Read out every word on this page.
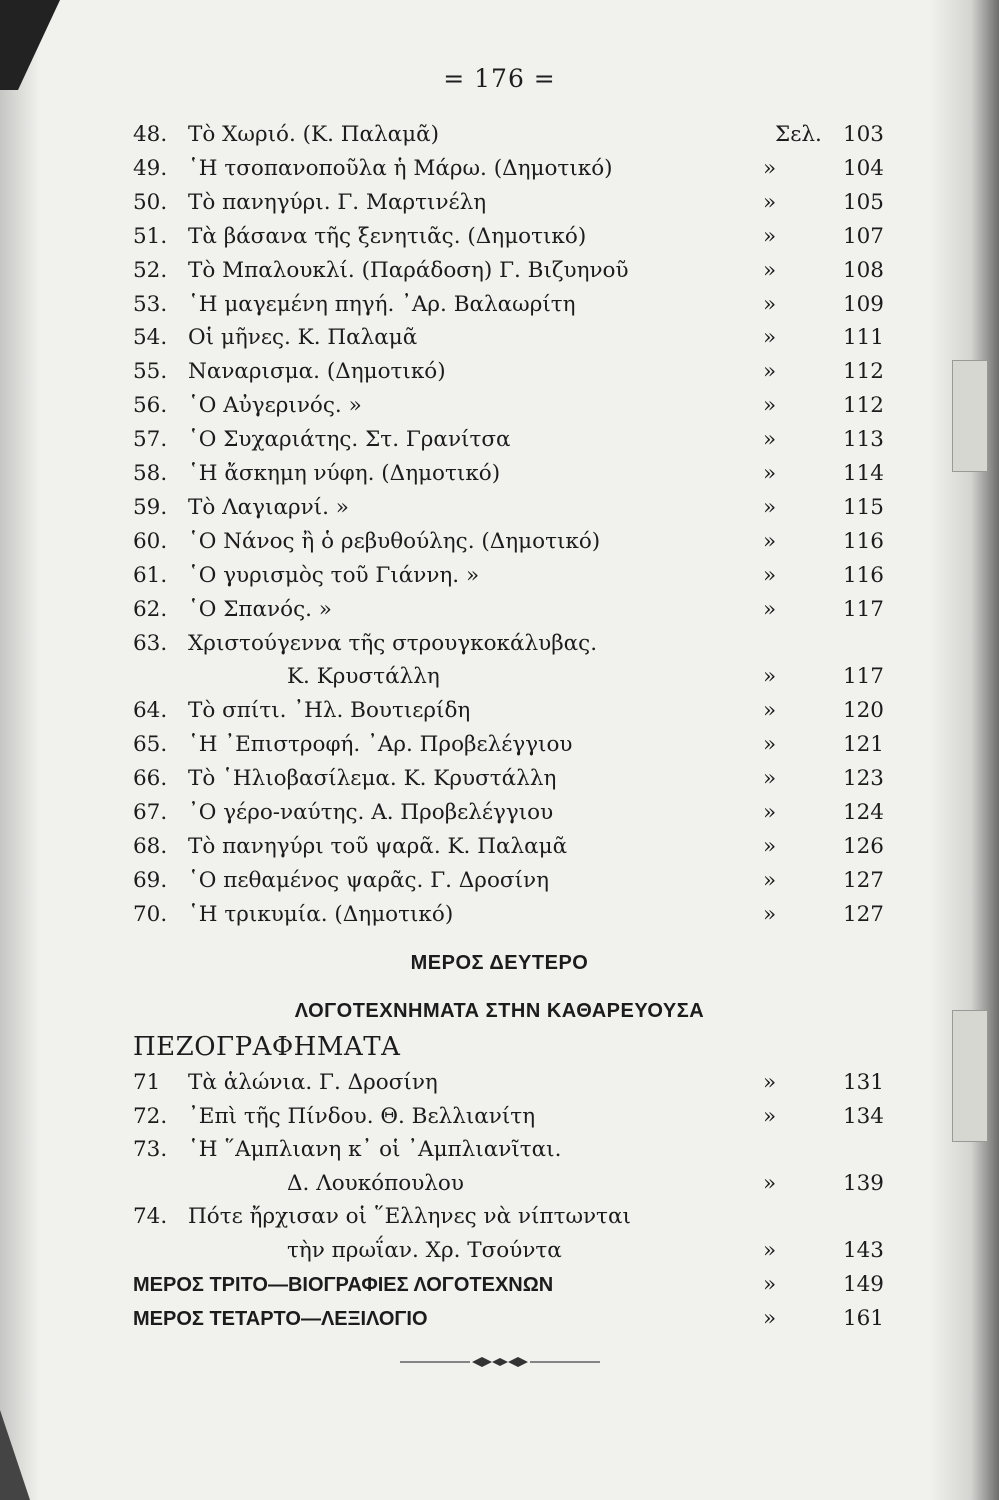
= 176 =
48. Τὸ Χωριό. (Κ. Παλαμᾶ)	Σελ. 103
49. ῾Η τσοπανοποῦλα ἡ Μάρω. (Δημοτικό)	»	104
50. Τὸ πανηγύρι. Γ. Μαρτινέλη	»	105
51. Τὰ βάσανα τῆς ξενητιᾶς. (Δημοτικό)	»	107
52. Τὸ Μπαλουκλί. (Παράδοση) Γ. Βιζυηνοῦ	»	108
53. ῾Η μαγεμένη πηγή. ᾿Αρ. Βαλαωρίτη	»	109
54. Οἱ μῆνες. Κ. Παλαμᾶ	»	111
55. Ναναρισμα. (Δημοτικό)	»	112
56. ῾Ο Αὐγερινός. »	»	112
57. ῾Ο Συχαριάτης. Στ. Γρανίτσα	»	113
58. ῾Η ἄσκημη νύφη. (Δημοτικό)	»	114
59. Τὸ Λαγιαρνί. »	»	115
60. ῾Ο Νάνος ἢ ὁ ρεβυθούλης. (Δημοτικό)	»	116
61. ῾Ο γυρισμὸς τοῦ Γιάννη. »	»	116
62. ῾Ο Σπανός. »	»	117
63. Χριστούγεννα τῆς στρουγκοκάλυβας.
Κ. Κρυστάλλη	»	117
64. Τὸ σπίτι. ᾿Ηλ. Βουτιερίδη	»	120
65. ῾Η ᾿Επιστροφή. ᾿Αρ. Προβελέγγιου	»	121
66. Τὸ ῾Ηλιοβασίλεμα. Κ. Κρυστάλλη	»	123
67. ᾿Ο γέρο-ναύτης. Α. Προβελέγγιου	»	124
68. Τὸ πανηγύρι τοῦ ψαρᾶ. Κ. Παλαμᾶ	»	126
69. ῾Ο πεθαμένος ψαρᾶς. Γ. Δροσίνη	»	127
70. ῾Η τρικυμία. (Δημοτικό)	»	127
ΜΕΡΟΣ ΔΕΥΤΕΡΟ
ΛΟΓΟΤΕΧΝΗΜΑΤΑ ΣΤΗΝ ΚΑΘΑΡΕΥΟΥΣΑ
ΠΕΖΟΓΡΑΦΗΜΑΤΑ
71 Τὰ ἁλώνια. Γ. Δροσίνη	»	131
72. ᾿Επὶ τῆς Πίνδου. Θ. Βελλιανίτη	»	134
73. ῾Η ῞Αμπλιανη κ᾿ οἱ ᾿Αμπλιανῖται.
Δ. Λουκόπουλου	»	139
74. Πότε ἤρχισαν οἱ ῞Ελληνες νὰ νίπτωνται
τὴν πρωΐαν. Χρ. Τσούντα	»	143
ΜΕΡΟΣ ΤΡΙΤΟ—ΒΙΟΓΡΑΦΙΕΣ ΛΟΓΟΤΕΧΝΩΝ	»	149
ΜΕΡΟΣ ΤΕΤΑΡΤΟ—ΛΕΞΙΛΟΓΙΟ	»	161
